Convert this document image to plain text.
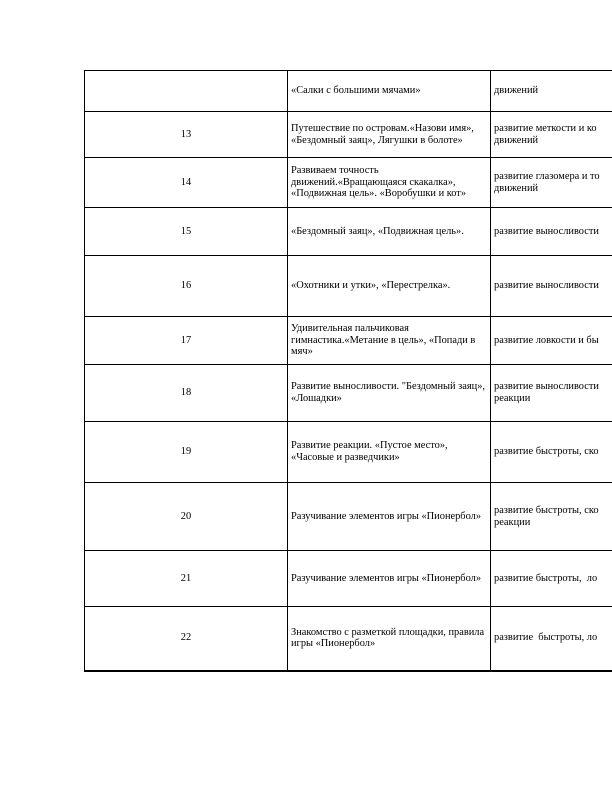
	«Салки с большими мячами»	движений

13	Путешествие по островам.«Назови имя», «Бездомный заяц», Лягушки в болоте»	развитие меткости и ко
движений

14	Развиваем точность движений.«Вращающаяся скакалка», «Подвижная цель». «Воробушки и кот»	развитие глазомера и то
движений

15	«Бездомный заяц», «Подвижная цель».	развитие выносливости

16	«Охотники и утки», «Перестрелка».	развитие выносливости

17	Удивительная пальчиковая гимнастика.«Метание в цель», «Попади в мяч»	развитие ловкости и бы

18	Развитие выносливости. "Бездомный заяц», «Лошадки»	развитие выносливости
реакции

19	Развитие реакции. «Пустое место», «Часовые и разведчики»	развитие быстроты, ско

20	Разучивание элементов игры «Пионербол»	развитие быстроты, ско
реакции

21	Разучивание элементов игры «Пионербол»	развитие быстроты,  ло

22	Знакомство с разметкой площадки, правила игры «Пионербол»	развитие  быстроты, ло
